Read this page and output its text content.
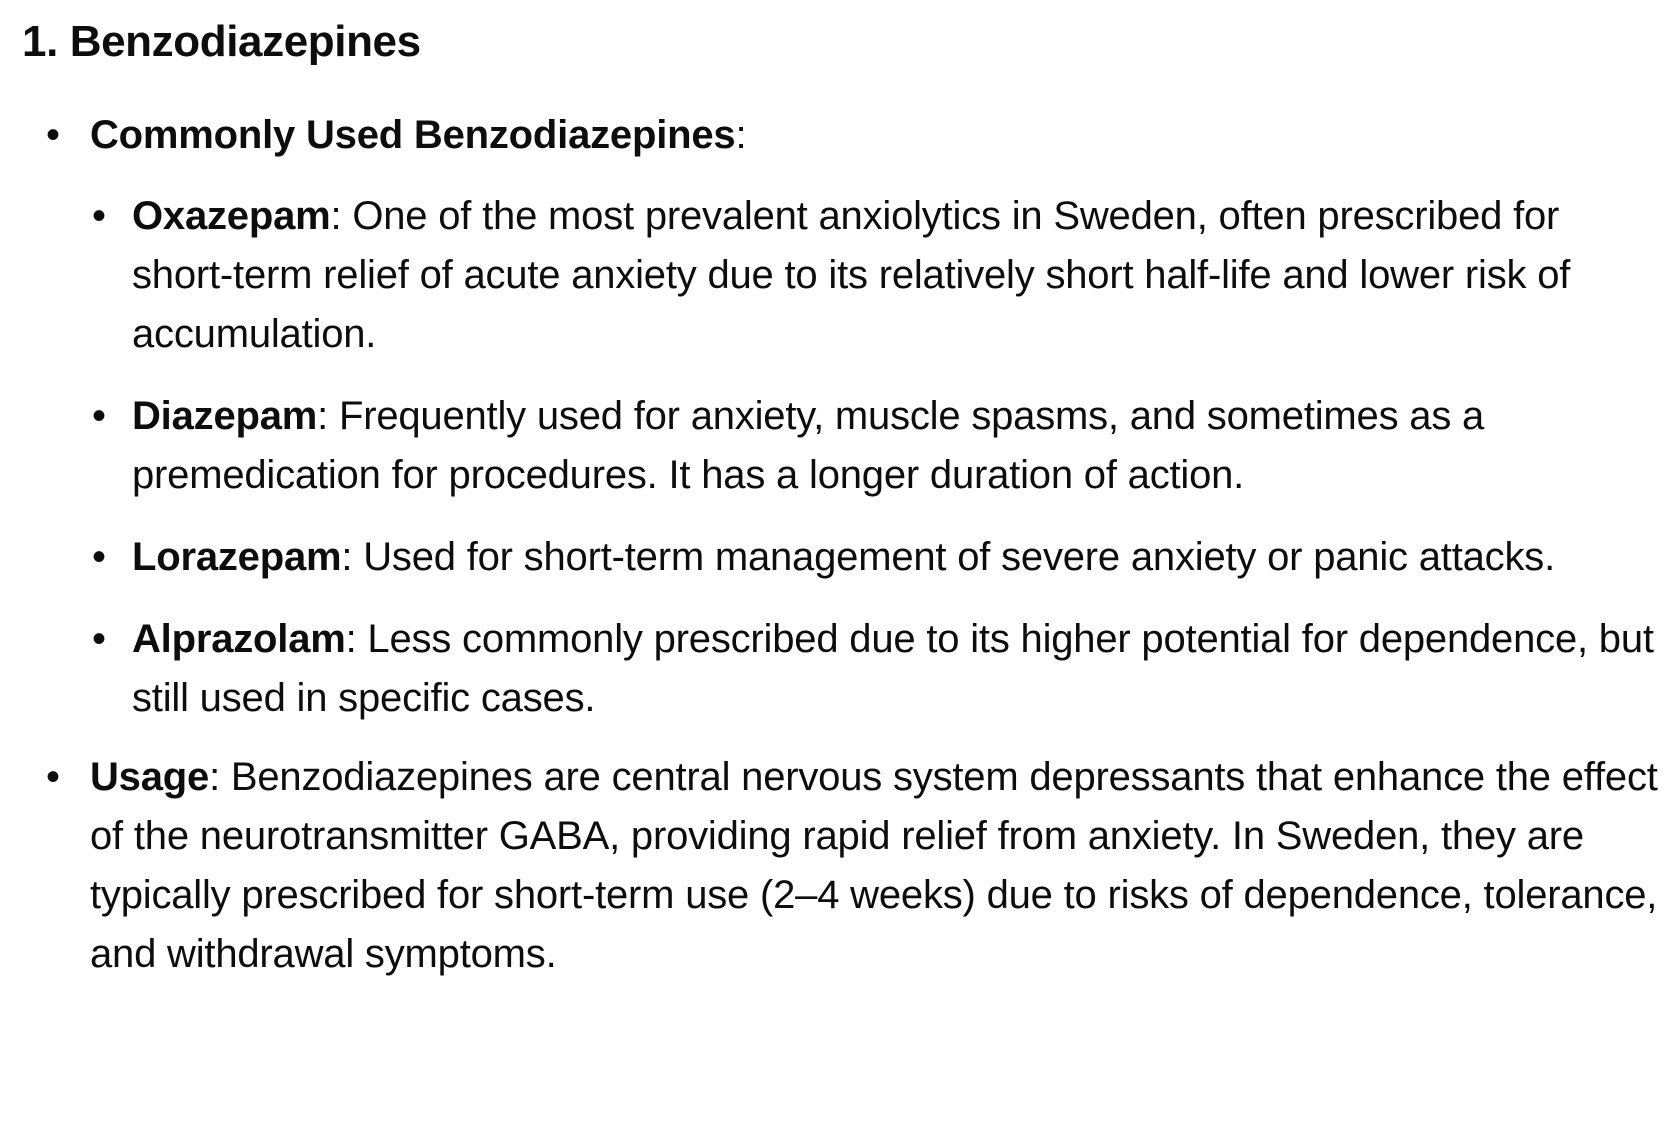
1. Benzodiazepines
• Commonly Used Benzodiazepines:
• Oxazepam: One of the most prevalent anxiolytics in Sweden, often prescribed for short-term relief of acute anxiety due to its relatively short half-life and lower risk of accumulation.
• Diazepam: Frequently used for anxiety, muscle spasms, and sometimes as a premedication for procedures. It has a longer duration of action.
• Lorazepam: Used for short-term management of severe anxiety or panic attacks.
• Alprazolam: Less commonly prescribed due to its higher potential for dependence, but still used in specific cases.
• Usage: Benzodiazepines are central nervous system depressants that enhance the effect of the neurotransmitter GABA, providing rapid relief from anxiety. In Sweden, they are typically prescribed for short-term use (2–4 weeks) due to risks of dependence, tolerance, and withdrawal symptoms.
